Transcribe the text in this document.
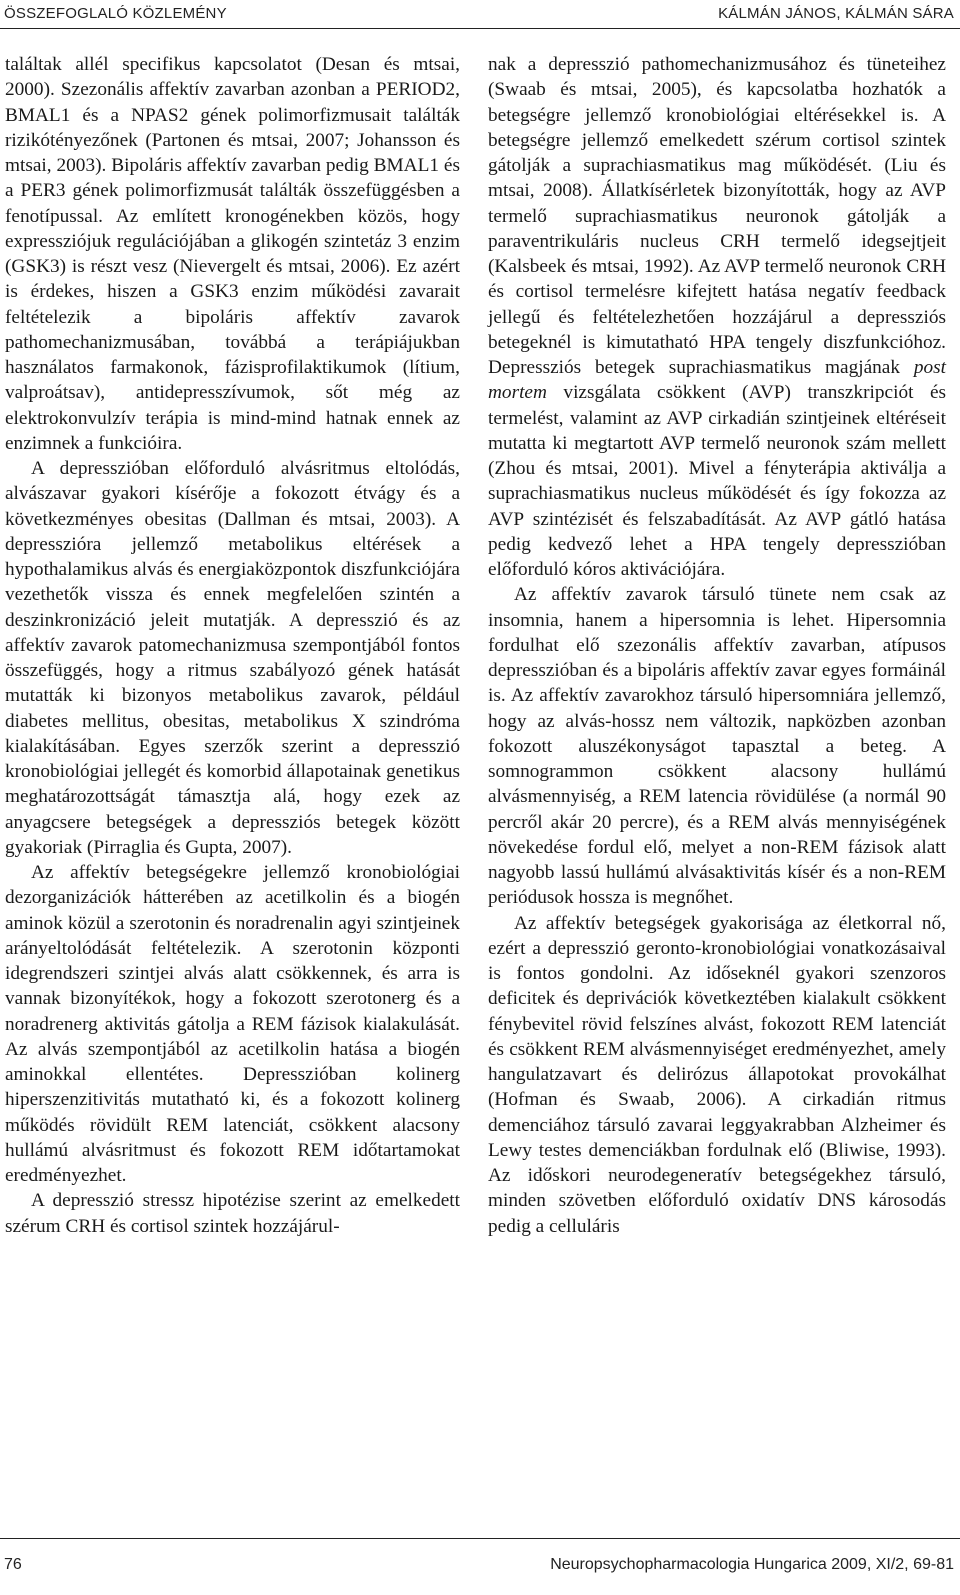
ÖSSZEFOGLALÓ KÖZLEMÉNY	KÁLMÁN JÁNOS, KÁLMÁN SÁRA

találtak allél specifikus kapcsolatot (Desan és mtsai, 2000). Szezonális affektív zavarban azonban a PERIOD2, BMAL1 és a NPAS2 gének polimorfizmusait találták rizikótényezőnek (Partonen és mtsai, 2007; Johansson és mtsai, 2003). Bipoláris affektív zavarban pedig BMAL1 és a PER3 gének polimorfizmusát találták összefüggésben a fenotípussal. Az említett kronogénekben közös, hogy expressziójuk regulációjában a glikogén szintetáz 3 enzim (GSK3) is részt vesz (Nievergelt és mtsai, 2006). Ez azért is érdekes, hiszen a GSK3 enzim működési zavarait feltételezik a bipoláris affektív zavarok pathomechanizmusában, továbbá a terápiájukban használatos farmakonok, fázisprofilaktikumok (lítium, valproátsav), antidepresszívumok, sőt még az elektrokonvulzív terápia is mind-mind hatnak ennek az enzimnek a funkcióira.

A depresszióban előforduló alvásritmus eltolódás, alvászavar gyakori kísérője a fokozott étvágy és a következményes obesitas (Dallman és mtsai, 2003). A depresszióra jellemző metabolikus eltérések a hypothalamikus alvás és energiaközpontok diszfunkciójára vezethetők vissza és ennek megfelelően szintén a deszinkronizáció jeleit mutatják. A depresszió és az affektív zavarok patomechanizmusa szempontjából fontos összefüggés, hogy a ritmus szabályozó gének hatását mutatták ki bizonyos metabolikus zavarok, például diabetes mellitus, obesitas, metabolikus X szindróma kialakításában. Egyes szerzők szerint a depresszió kronobiológiai jellegét és komorbid állapotainak genetikus meghatározottságát támasztja alá, hogy ezek az anyagcsere betegségek a depressziós betegek között gyakoriak (Pirraglia és Gupta, 2007).

Az affektív betegségekre jellemző kronobiológiai dezorganizációk hátterében az acetilkolin és a biogén aminok közül a szerotonin és noradrenalin agyi szintjeinek arányeltolódását feltételezik. A szerotonin központi idegrendszeri szintjei alvás alatt csökkennek, és arra is vannak bizonyítékok, hogy a fokozott szerotonerg és a noradrenerg aktivitás gátolja a REM fázisok kialakulását. Az alvás szempontjából az acetilkolin hatása a biogén aminokkal ellentétes. Depresszióban kolinerg hiperszenzitivitás mutatható ki, és a fokozott kolinerg működés rövidült REM latenciát, csökkent alacsony hullámú alvásritmust és fokozott REM időtartamokat eredményezhet.

A depresszió stressz hipotézise szerint az emelkedett szérum CRH és cortisol szintek hozzájárul-

nak a depresszió pathomechanizmusához és tüneteihez (Swaab és mtsai, 2005), és kapcsolatba hozhatók a betegségre jellemző kronobiológiai eltérésekkel is. A betegségre jellemző emelkedett szérum cortisol szintek gátolják a suprachiasmatikus mag működését. (Liu és mtsai, 2008). Állatkísérletek bizonyították, hogy az AVP termelő suprachiasmatikus neuronok gátolják a paraventrikuláris nucleus CRH termelő idegsejtjeit (Kalsbeek és mtsai, 1992). Az AVP termelő neuronok CRH és cortisol termelésre kifejtett hatása negatív feedback jellegű és feltételezhetően hozzájárul a depressziós betegeknél is kimutatható HPA tengely diszfunkcióhoz. Depressziós betegek suprachiasmatikus magjának post mortem vizsgálata csökkent (AVP) transzkripciót és termelést, valamint az AVP cirkadián szintjeinek eltéréseit mutatta ki megtartott AVP termelő neuronok szám mellett (Zhou és mtsai, 2001). Mivel a fényterápia aktiválja a suprachiasmatikus nucleus működését és így fokozza az AVP szintézisét és felszabadítását. Az AVP gátló hatása pedig kedvező lehet a HPA tengely depresszióban előforduló kóros aktivációjára.

Az affektív zavarok társuló tünete nem csak az insomnia, hanem a hipersomnia is lehet. Hipersomnia fordulhat elő szezonális affektív zavarban, atípusos depresszióban és a bipoláris affektív zavar egyes formáinál is. Az affektív zavarokhoz társuló hipersomniára jellemző, hogy az alvás-hossz nem változik, napközben azonban fokozott aluszékonyságot tapasztal a beteg. A somnogrammon csökkent alacsony hullámú alvásmennyiség, a REM latencia rövidülése (a normál 90 percről akár 20 percre), és a REM alvás mennyiségének növekedése fordul elő, melyet a non-REM fázisok alatt nagyobb lassú hullámú alvásaktivitás kísér és a non-REM periódusok hossza is megnőhet.

Az affektív betegségek gyakorisága az életkorral nő, ezért a depresszió geronto-kronobiológiai vonatkozásaival is fontos gondolni. Az időseknél gyakori szenzoros deficitek és deprivációk következtében kialakult csökkent fénybevitel rövid felszínes alvást, fokozott REM latenciát és csökkent REM alvásmennyiséget eredményezhet, amely hangulatzavart és delirózus állapotokat provokálhat (Hofman és Swaab, 2006). A cirkadián ritmus demenciához társuló zavarai leggyakrabban Alzheimer és Lewy testes demenciákban fordulnak elő (Bliwise, 1993). Az időskori neurodegeneratív betegségekhez társuló, minden szövetben előforduló oxidatív DNS károsodás pedig a celluláris

76	Neuropsychopharmacologia Hungarica 2009, XI/2, 69-81
